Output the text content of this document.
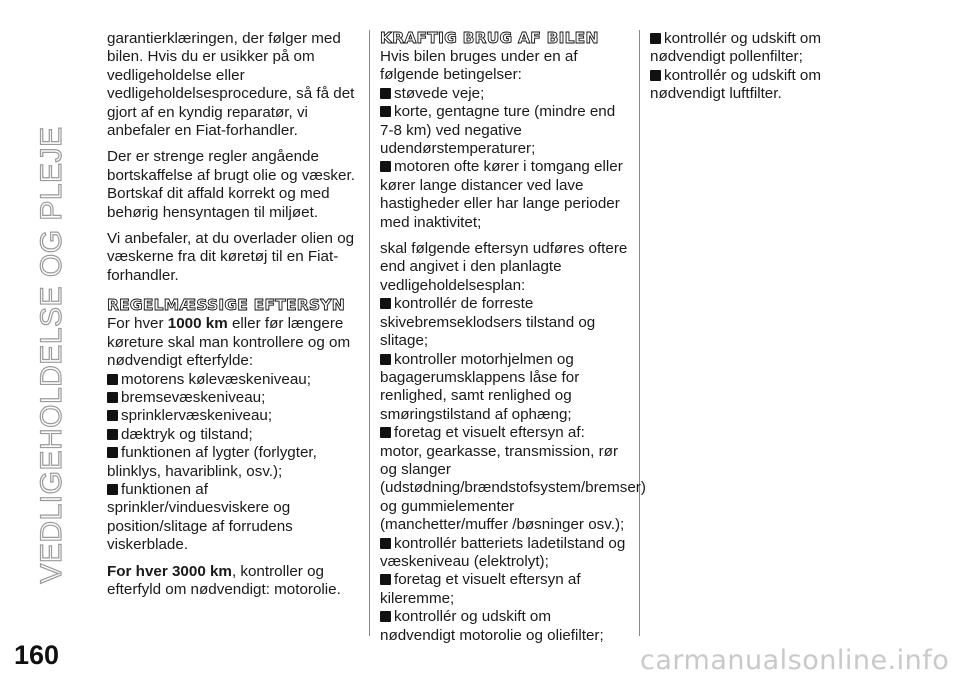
VEDLIGEHOLDELSE OG PLEJE

garantierklæringen, der følger med bilen. Hvis du er usikker på om vedligeholdelse eller vedligeholdelsesprocedure, så få det gjort af en kyndig reparatør, vi anbefaler en Fiat-forhandler.

Der er strenge regler angående bortskaffelse af brugt olie og væsker. Bortskaf dit affald korrekt og med behørig hensyntagen til miljøet.

Vi anbefaler, at du overlader olien og væskerne fra dit køretøj til en Fiat-forhandler.

REGELMÆSSIGE EFTERSYN

For hver 1000 km eller før længere køreture skal man kontrollere og om nødvendigt efterfylde:

motorens kølevæskeniveau;

bremsevæskeniveau;

sprinklervæskeniveau;

dæktryk og tilstand;

funktionen af lygter (forlygter, blinklys, havariblink, osv.);

funktionen af sprinkler/vinduesviskere og position/slitage af forrudens viskerblade.

For hver 3000 km, kontroller og efterfyld om nødvendigt: motorolie.

KRAFTIG BRUG AF BILEN

Hvis bilen bruges under en af følgende betingelser:

støvede veje;

korte, gentagne ture (mindre end 7-8 km) ved negative udendørstemperaturer;

motoren ofte kører i tomgang eller kører lange distancer ved lave hastigheder eller har lange perioder med inaktivitet;

skal følgende eftersyn udføres oftere end angivet i den planlagte vedligeholdelsesplan:

kontrollér de forreste skivebremseklodsers tilstand og slitage;

kontroller motorhjelmen og bagagerumsklappens låse for renlighed, samt renlighed og smøringstilstand af ophæng;

foretag et visuelt eftersyn af: motor, gearkasse, transmission, rør og slanger (udstødning/brændstofsystem/bremser) og gummielementer (manchetter/muffer /bøsninger osv.);

kontrollér batteriets ladetilstand og væskeniveau (elektrolyt);

foretag et visuelt eftersyn af kileremme;

kontrollér og udskift om nødvendigt motorolie og oliefilter;

kontrollér og udskift om nødvendigt pollenfilter;

kontrollér og udskift om nødvendigt luftfilter.

160	carmanualsonline.info
